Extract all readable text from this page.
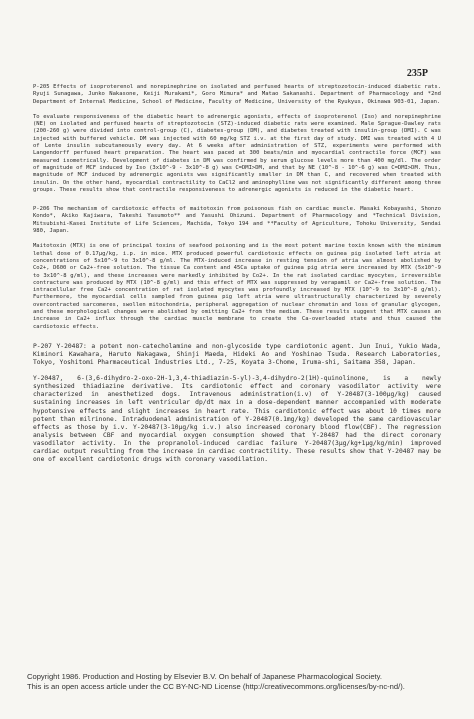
235P

P-205 Effects of isoproterenol and norepinephrine on isolated and perfused hearts of streptozotocin-induced diabetic rats. Ryuji Sunagawa, Junko Nakasone, Keiji Murakami*, Goro Mimura* and Matao Sakanashi. Department of Pharmacology and *2nd Department of Internal Medicine, School of Medicine, Faculty of Medicine, University of the Ryukyus, Okinawa 903-01, Japan.

To evaluate responsiveness of the diabetic heart to adrenergic agonists, effects of isoproterenol (Iso) and norepinephrine (NE) on isolated and perfused hearts of streptozotocin (STZ)-induced diabetic rats were examined. Male Sprague-Dawley rats (200-260 g) were divided into control-group (C), diabetes-group (DM), and diabetes treated with insulin-group (DMI). C was injected with buffered vehicle. DM was injected with 60 mg/kg STZ i.v. at the first day of study. DMI was treated with 4 U of Lente insulin subcutaneously every day. At 6 weeks after administration of STZ, experiments were performed with Langendorff perfused heart preparation. The heart was paced at 300 beats/min and myocardial contractile force (MCF) was measured isometrically. Development of diabetes in DM was confirmed by serum glucose levels more than 400 mg/dl. The order of magnitude of MCF induced by Iso (3x10^-9 - 3x10^-8 g) was C=DMI>DM, and that by NE (10^-8 - 10^-6 g) was C=DMI>DM. Thus, magnitude of MCF induced by adrenergic agonists was significantly smaller in DM than C, and recovered when treated with insulin. On the other hand, myocardial contractility to CaCl2 and aminophylline was not significantly different among three groups. These results show that contractile responsiveness to adrenergic agonists is reduced in the diabetic heart.

P-206 The mechanism of cardiotoxic effects of maitotoxin from poisonous fish on cardiac muscle. Masaki Kobayashi, Shonzo Kondo*, Akiko Kajiwara, Takeshi Yasumoto** and Yasushi Ohizumi. Department of Pharmacology and *Technical Division, Mitsubishi-Kasei Institute of Life Sciences, Machida, Tokyo 194 and **Faculty of Agriculture, Tohoku University, Sendai 980, Japan.

Maitotoxin (MTX) is one of principal toxins of seafood poisoning and is the most potent marine toxin known with the minimum lethal dose of 0.17μg/kg, i.p. in mice. MTX produced powerful cardiotoxic effects on guinea pig isolated left atria at concentrations of 5x10^-9 to 3x10^-8 g/ml. The MTX-induced increase in resting tension of atria was almost abolished by Co2+, D600 or Ca2+-free solution. The tissue Ca content and 45Ca uptake of guinea pig atria were increased by MTX (5x10^-9 to 3x10^-8 g/ml), and these increases were markedly inhibited by Co2+. In the rat isolated cardiac myocytes, irreversible contracture was produced by MTX (10^-8 g/ml) and this effect of MTX was suppressed by verapamil or Ca2+-free solution. The intracellular free Ca2+ concentration of rat isolated myocytes was profoundly increased by MTX (10^-9 to 3x10^-8 g/ml). Furthermore, the myocardial cells sampled from guinea pig left atria were ultrastructurally characterized by severely overcontracted sarcomeres, swollen mitochondria, peripheral aggregation of nuclear chromatin and loss of granular glycogen, and these morphological changes were abolished by omitting Ca2+ from the medium. These results suggest that MTX causes an increase in Ca2+ influx through the cardiac muscle membrane to create the Ca-overloaded state and thus caused the cardiotoxic effects.

P-207 Y-20487: a potent non-catecholamine and non-glycoside type cardiotonic agent. Jun Inui, Yukio Wada, Kiminori Kawahara, Haruto Nakagawa, Shinji Maeda, Hideki Ao and Yoshinao Tsuda. Research Laboratories, Tokyo, Yoshitomi Pharmaceutical Industries Ltd., 7-25, Koyata 3-Chome, Iruma-shi, Saitama 358, Japan.

Y-20487, 6-(3,6-dihydro-2-oxo-2H-1,3,4-thiadiazin-5-yl)-3,4-dihydro-2(1H)-quinolinone, is a newly synthesized thiadiazine derivative. Its cardiotonic effect and coronary vasodilator activity were characterized in anesthetized dogs. Intravenous administration(i.v) of Y-20487(3-100μg/kg) caused sustaining increases in left ventricular dp/dt max in a dose-dependent manner accompanied with moderate hypotensive effects and slight increases in heart rate. This cardiotonic effect was about 10 times more potent than milrinone. Intraduodenal administration of Y-20487(0.1mg/kg) developed the same cardiovascular effects as those by i.v. Y-20487(3-10μg/kg i.v.) also increased coronary blood flow(CBF). The regression analysis between CBF and myocardial oxygen consumption showed that Y-20487 had the direct coronary vasodilator activity. In the propranolol-induced cardiac failure Y-20487(3μg/kg+1μg/kg/min) improved cardiac output resulting from the increase in cardiac contractility. These results show that Y-20487 may be one of excellent cardiotonic drugs with coronary vasodilation.

Copyright 1986. Production and Hosting by Elsevier B.V. On behalf of Japanese Pharmacological Society.

This is an open access article under the CC BY-NC-ND License (http://creativecommons.org/licenses/by-nc-nd/).
